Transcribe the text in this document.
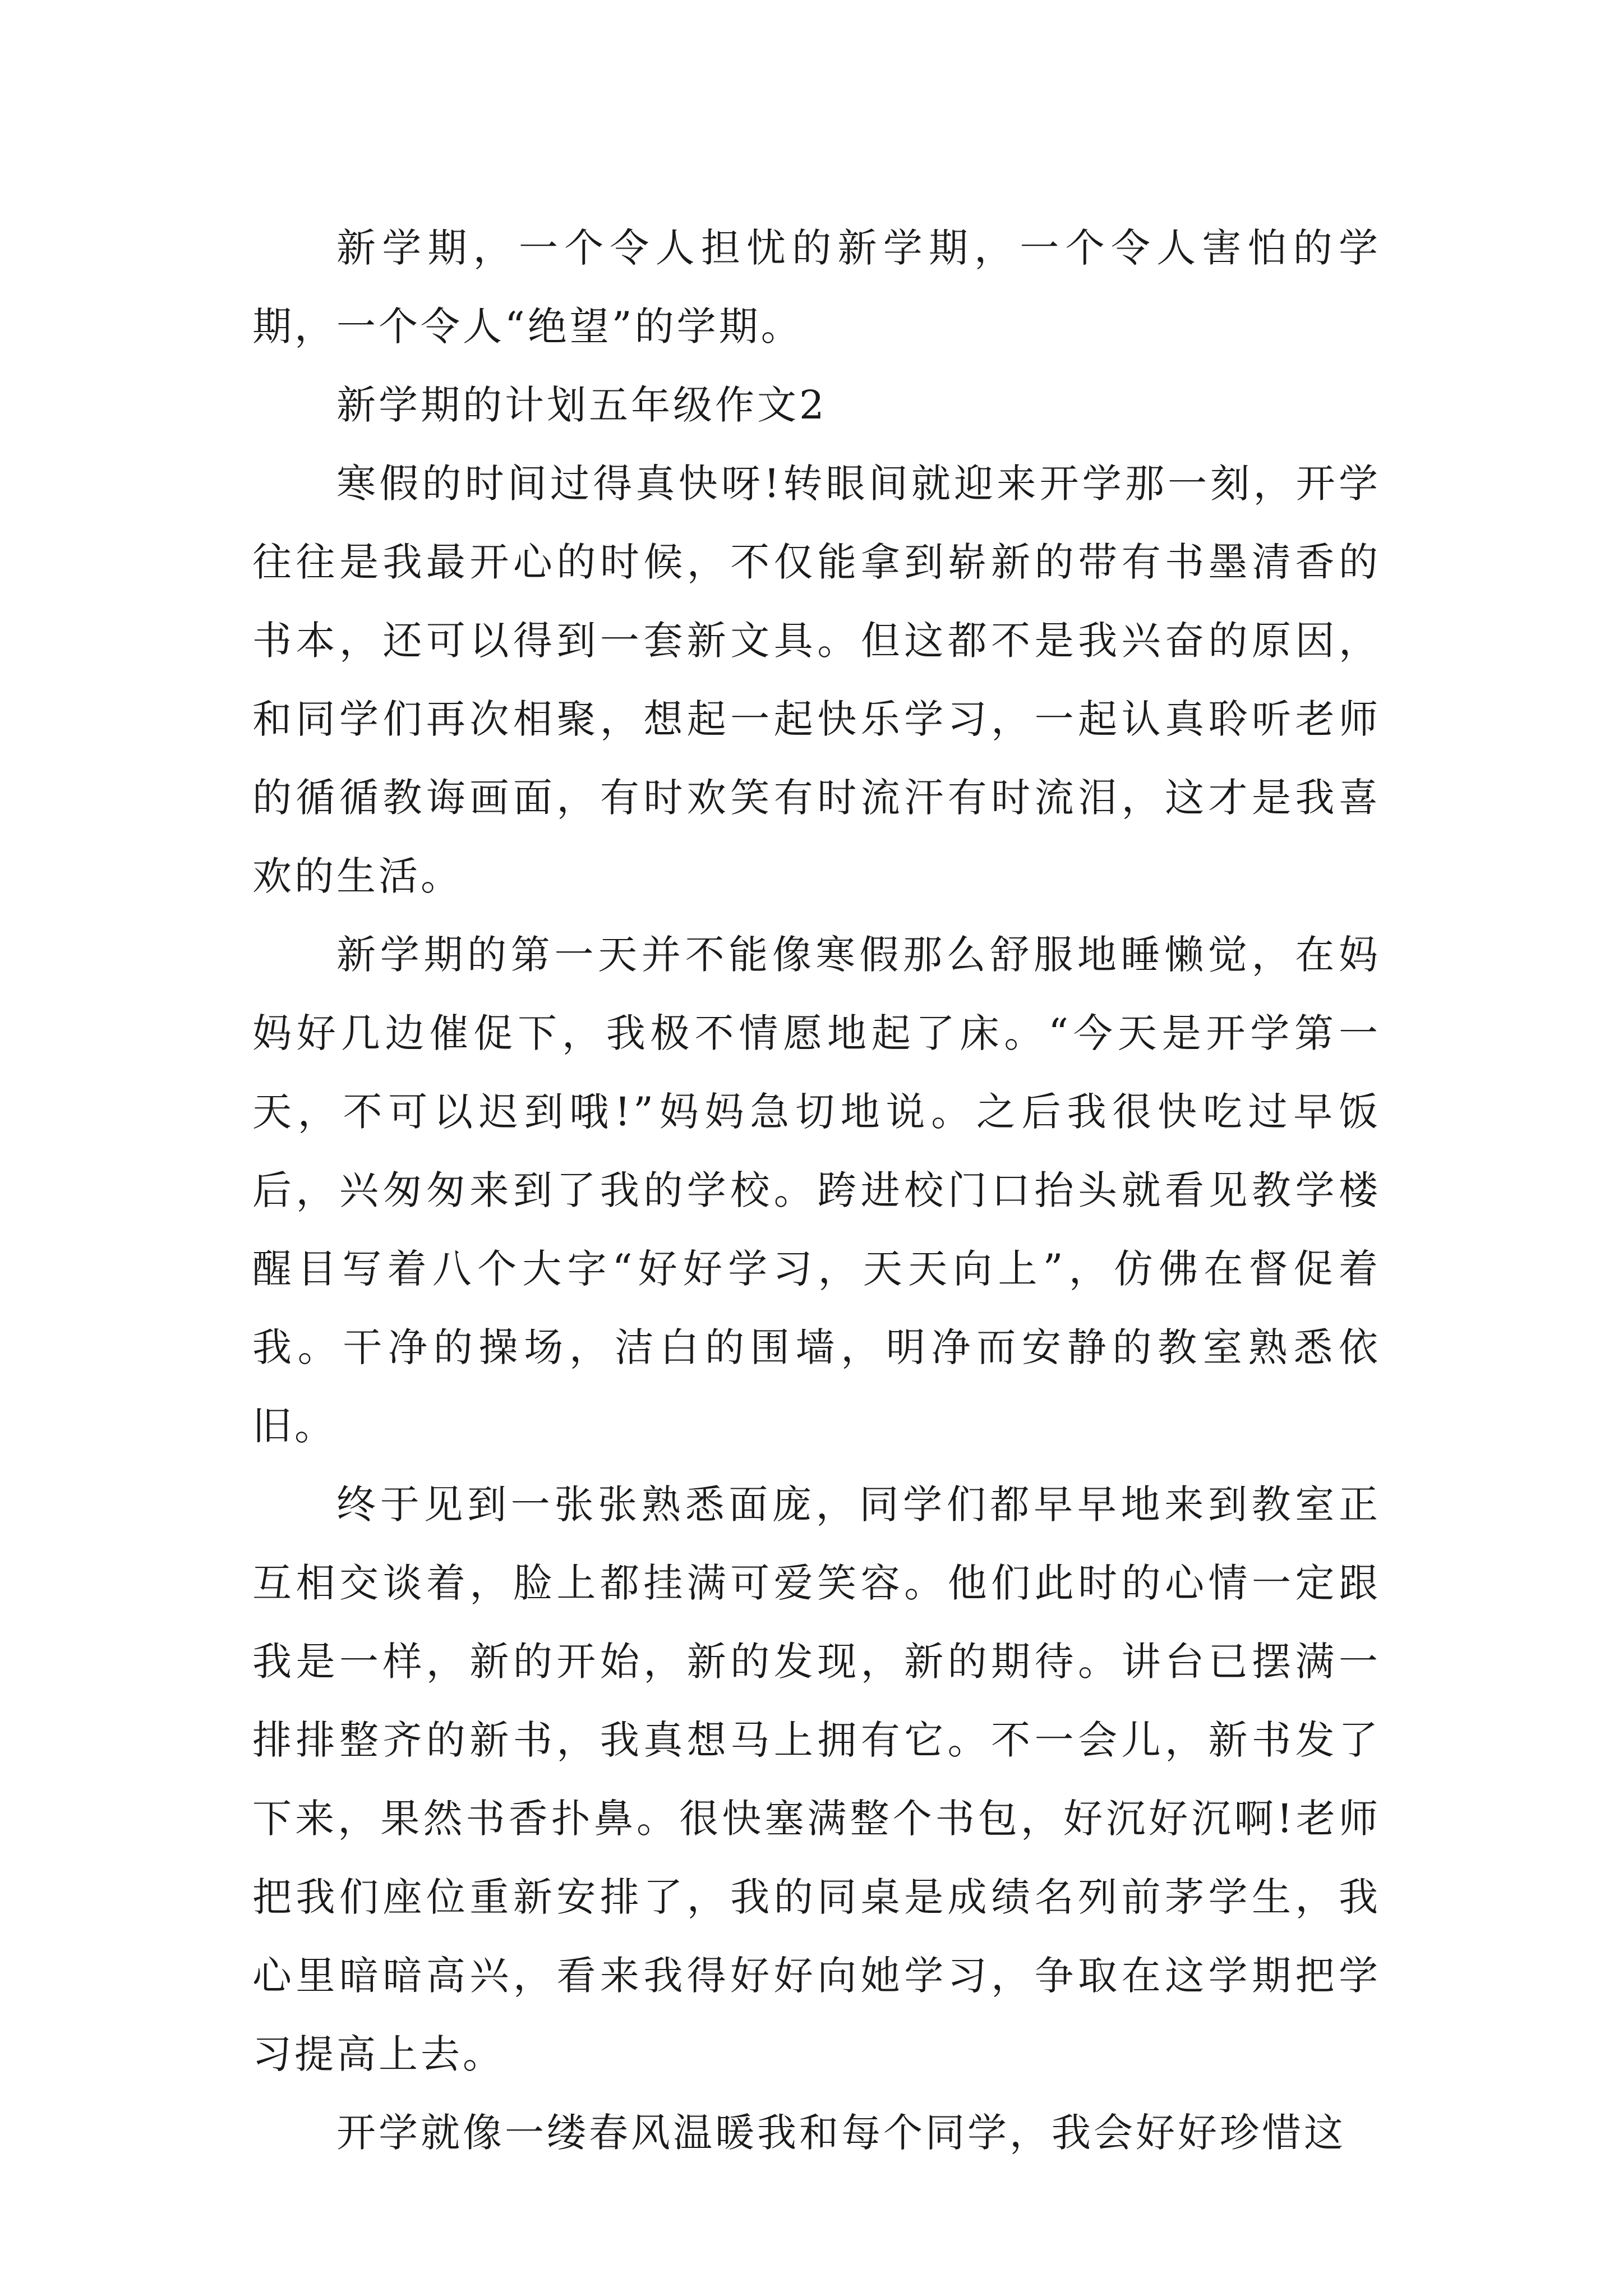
新学期，一个令人担忧的新学期，一个令人害怕的学期，一个令人“绝望”的学期。

新学期的计划五年级作文2

寒假的时间过得真快呀!转眼间就迎来开学那一刻，开学往往是我最开心的时候，不仅能拿到崭新的带有书墨清香的书本，还可以得到一套新文具。但这都不是我兴奋的原因，和同学们再次相聚，想起一起快乐学习，一起认真聆听老师的循循教诲画面，有时欢笑有时流汗有时流泪，这才是我喜欢的生活。

新学期的第一天并不能像寒假那么舒服地睡懒觉，在妈妈好几边催促下，我极不情愿地起了床。“今天是开学第一天，不可以迟到哦!”妈妈急切地说。之后我很快吃过早饭后，兴匆匆来到了我的学校。跨进校门口抬头就看见教学楼醒目写着八个大字“好好学习，天天向上”，仿佛在督促着我。干净的操场，洁白的围墙，明净而安静的教室熟悉依旧。

终于见到一张张熟悉面庞，同学们都早早地来到教室正互相交谈着，脸上都挂满可爱笑容。他们此时的心情一定跟我是一样，新的开始，新的发现，新的期待。讲台已摆满一排排整齐的新书，我真想马上拥有它。不一会儿，新书发了下来，果然书香扑鼻。很快塞满整个书包，好沉好沉啊!老师把我们座位重新安排了，我的同桌是成绩名列前茅学生，我心里暗暗高兴，看来我得好好向她学习，争取在这学期把学习提高上去。

开学就像一缕春风温暖我和每个同学，我会好好珍惜这
